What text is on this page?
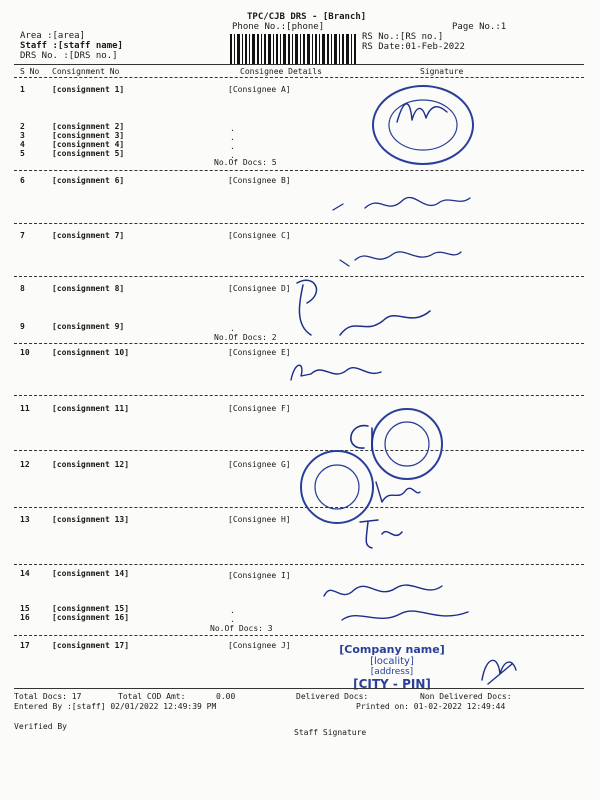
TPC/CJB DRS - [Branch]
Phone No.:[phone]	Page No.:1
Area :[area]
Staff :[staff name]
DRS No. :[DRS no.]
RS No.:[RS no.]
RS Date:01-Feb-2022
S No Consignment No	Consignee Details	Signature
1	[consignment 1]	[Consignee A]
2	[consignment 2]	.
3	[consignment 3]	.
4	[consignment 4]	.
5	[consignment 5]	.
No.Of Docs: 5
6	[consignment 6]	[Consignee B]
7	[consignment 7]	[Consignee C]
8	[consignment 8]	[Consignee D]
9	[consignment 9]	.
No.Of Docs: 2
10	[consignment 10]	[Consignee E]
11	[consignment 11]	[Consignee F]
12	[consignment 12]	[Consignee G]
13	[consignment 13]	[Consignee H]
14	[consignment 14]	[Consignee I]
15	[consignment 15]	.
16	[consignment 16]	.
No.Of Docs: 3
17	[consignment 17]	[Consignee J]	[Company name]
[locality]
[address]
[CITY - PIN]
Total Docs: 17	Total COD Amt:	0.00	Delivered Docs:	Non Delivered Docs:
Entered By :[staff] 02/01/2022 12:49:39 PM	Printed on: 01-02-2022 12:49:44
Verified By
Staff Signature
